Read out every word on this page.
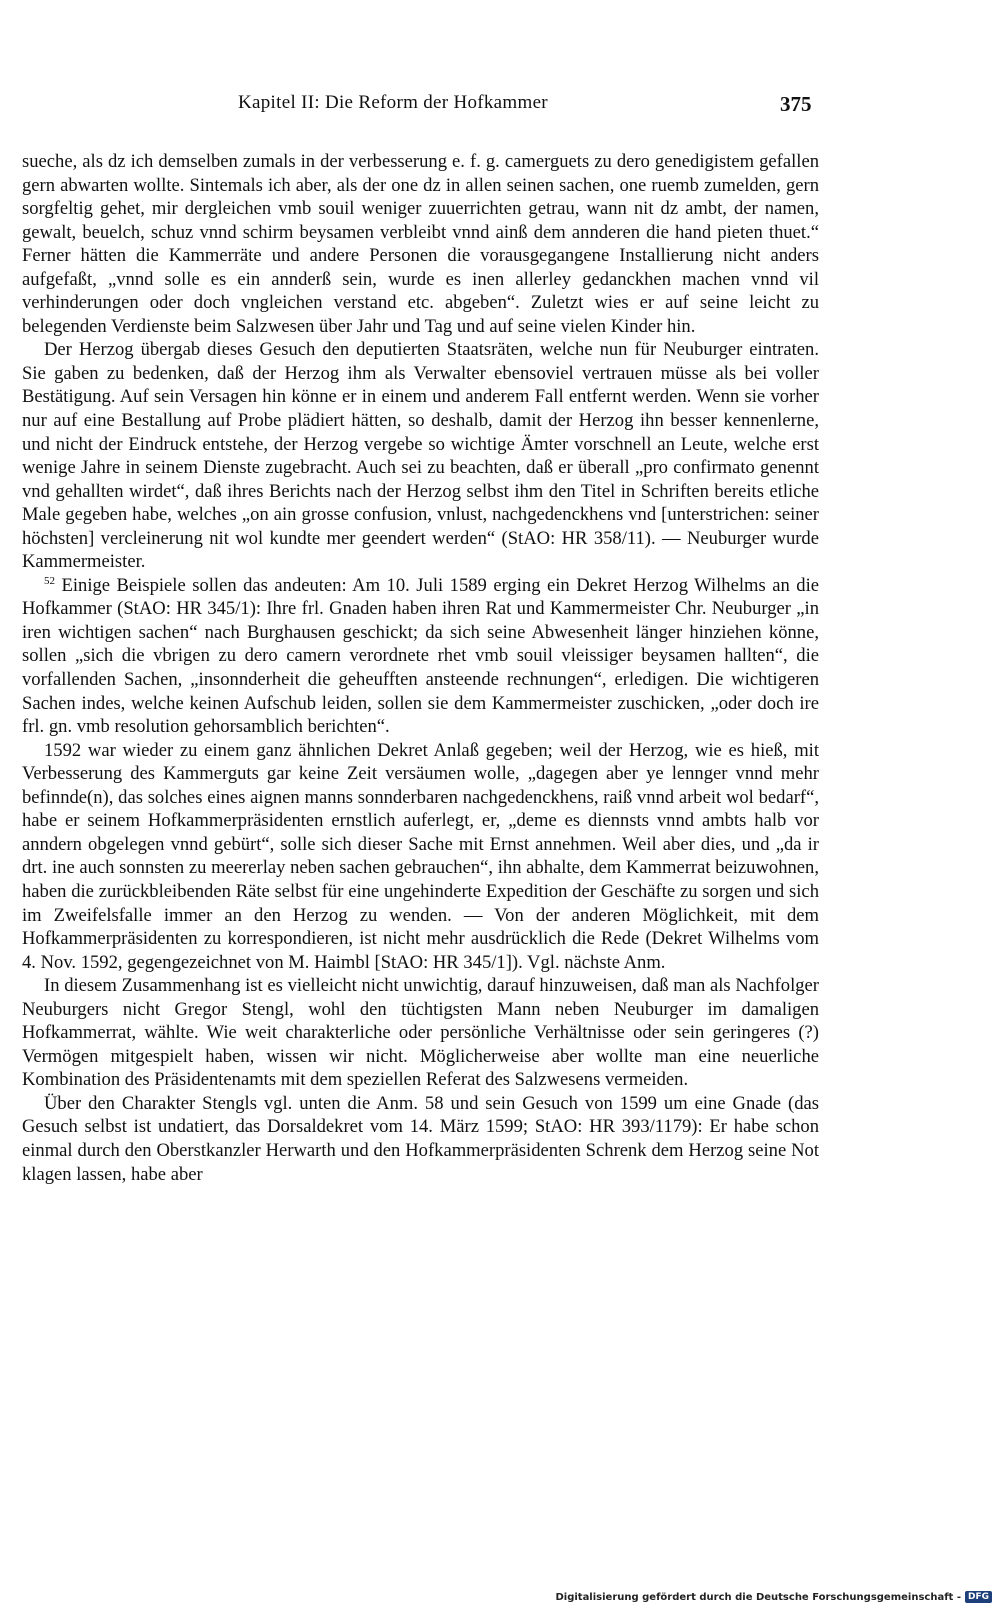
Kapitel II: Die Reform der Hofkammer	375

sueche, als dz ich demselben zumals in der verbesserung e. f. g. camerguets zu dero genedigistem gefallen gern abwarten wollte. Sintemals ich aber, als der one dz in allen seinen sachen, one ruemb zumelden, gern sorgfeltig gehet, mir dergleichen vmb souil weniger zuuerrichten getrau, wann nit dz ambt, der namen, gewalt, beuelch, schuz vnnd schirm beysamen verbleibt vnnd ainß dem annderen die hand pieten thuet.“ Ferner hätten die Kammerräte und andere Personen die vorausgegangene Installierung nicht anders aufgefaßt, „vnnd solle es ein annderß sein, wurde es inen allerley gedanckhen machen vnnd vil verhinderungen oder doch vngleichen verstand etc. abgeben“. Zuletzt wies er auf seine leicht zu belegenden Verdienste beim Salzwesen über Jahr und Tag und auf seine vielen Kinder hin.

Der Herzog übergab dieses Gesuch den deputierten Staatsräten, welche nun für Neuburger eintraten. Sie gaben zu bedenken, daß der Herzog ihm als Verwalter ebensoviel vertrauen müsse als bei voller Bestätigung. Auf sein Versagen hin könne er in einem und anderem Fall entfernt werden. Wenn sie vorher nur auf eine Bestallung auf Probe plädiert hätten, so deshalb, damit der Herzog ihn besser kennenlerne, und nicht der Eindruck entstehe, der Herzog vergebe so wichtige Ämter vorschnell an Leute, welche erst wenige Jahre in seinem Dienste zugebracht. Auch sei zu beachten, daß er überall „pro confirmato genennt vnd gehallten wirdet“, daß ihres Berichts nach der Herzog selbst ihm den Titel in Schriften bereits etliche Male gegeben habe, welches „on ain grosse confusion, vnlust, nachgedenckhens vnd [unterstrichen: seiner höchsten] vercleinerung nit wol kundte mer geendert werden“ (StAO: HR 358/11). — Neuburger wurde Kammermeister.

$^{52}$ Einige Beispiele sollen das andeuten: Am 10. Juli 1589 erging ein Dekret Herzog Wilhelms an die Hofkammer (StAO: HR 345/1): Ihre frl. Gnaden haben ihren Rat und Kammermeister Chr. Neuburger „in iren wichtigen sachen“ nach Burghausen geschickt; da sich seine Abwesenheit länger hinziehen könne, sollen „sich die vbrigen zu dero camern verordnete rhet vmb souil vleissiger beysamen hallten“, die vorfallenden Sachen, „insonnderheit die geheufften ansteende rechnungen“, erledigen. Die wichtigeren Sachen indes, welche keinen Aufschub leiden, sollen sie dem Kammermeister zuschicken, „oder doch ire frl. gn. vmb resolution gehorsamblich berichten“.

1592 war wieder zu einem ganz ähnlichen Dekret Anlaß gegeben; weil der Herzog, wie es hieß, mit Verbesserung des Kammerguts gar keine Zeit versäumen wolle, „dagegen aber ye lennger vnnd mehr befinnde(n), das solches eines aignen manns sonnderbaren nachgedenckhens, raiß vnnd arbeit wol bedarf“, habe er seinem Hofkammerpräsidenten ernstlich auferlegt, er, „deme es diennsts vnnd ambts halb vor anndern obgelegen vnnd gebürt“, solle sich dieser Sache mit Ernst annehmen. Weil aber dies, und „da ir drt. ine auch sonnsten zu meererlay neben sachen gebrauchen“, ihn abhalte, dem Kammerrat beizuwohnen, haben die zurückbleibenden Räte selbst für eine ungehinderte Expedition der Geschäfte zu sorgen und sich im Zweifelsfalle immer an den Herzog zu wenden. — Von der anderen Möglichkeit, mit dem Hofkammerpräsidenten zu korrespondieren, ist nicht mehr ausdrücklich die Rede (Dekret Wilhelms vom 4. Nov. 1592, gegengezeichnet von M. Haimbl [StAO: HR 345/1]). Vgl. nächste Anm.

In diesem Zusammenhang ist es vielleicht nicht unwichtig, darauf hinzuweisen, daß man als Nachfolger Neuburgers nicht Gregor Stengl, wohl den tüchtigsten Mann neben Neuburger im damaligen Hofkammerrat, wählte. Wie weit charakterliche oder persönliche Verhältnisse oder sein geringeres (?) Vermögen mitgespielt haben, wissen wir nicht. Möglicherweise aber wollte man eine neuerliche Kombination des Präsidentenamts mit dem speziellen Referat des Salzwesens vermeiden.

Über den Charakter Stengls vgl. unten die Anm. 58 und sein Gesuch von 1599 um eine Gnade (das Gesuch selbst ist undatiert, das Dorsaldekret vom 14. März 1599; StAO: HR 393/1179): Er habe schon einmal durch den Oberstkanzler Herwarth und den Hofkammerpräsidenten Schrenk dem Herzog seine Not klagen lassen, habe aber

Digitalisierung gefördert durch die Deutsche Forschungsgemeinschaft - DFG
